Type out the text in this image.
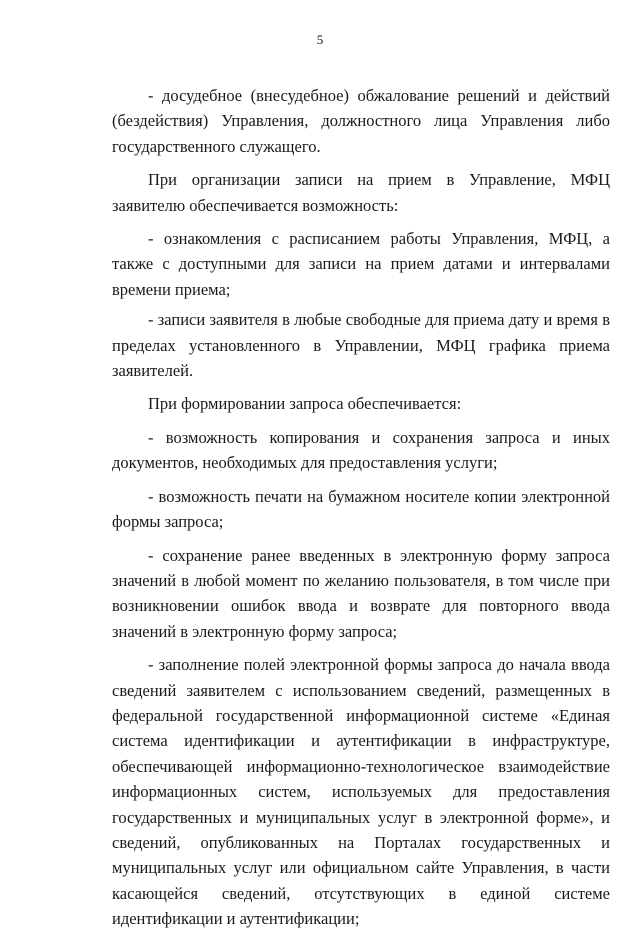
5

- досудебное (внесудебное) обжалование решений и действий (бездействия) Управления, должностного лица Управления либо государственного служащего.

При организации записи на прием в Управление, МФЦ заявителю обеспечивается возможность:

- ознакомления с расписанием работы Управления, МФЦ, а также с доступными для записи на прием датами и интервалами времени приема;

- записи заявителя в любые свободные для приема дату и время в пределах установленного в Управлении, МФЦ графика приема заявителей.

При формировании запроса обеспечивается:

- возможность копирования и сохранения запроса и иных документов, необходимых для предоставления услуги;

- возможность печати на бумажном носителе копии электронной формы запроса;

- сохранение ранее введенных в электронную форму запроса значений в любой момент по желанию пользователя, в том числе при возникновении ошибок ввода и возврате для повторного ввода значений в электронную форму запроса;

- заполнение полей электронной формы запроса до начала ввода сведений заявителем с использованием сведений, размещенных в федеральной государственной информационной системе «Единая система идентификации и аутентификации в инфраструктуре, обеспечивающей информационно-технологическое взаимодействие информационных систем, используемых для предоставления государственных и муниципальных услуг в электронной форме», и сведений, опубликованных на Порталах государственных и муниципальных услуг или официальном сайте Управления, в части касающейся сведений, отсутствующих в единой системе идентификации и аутентификации;
